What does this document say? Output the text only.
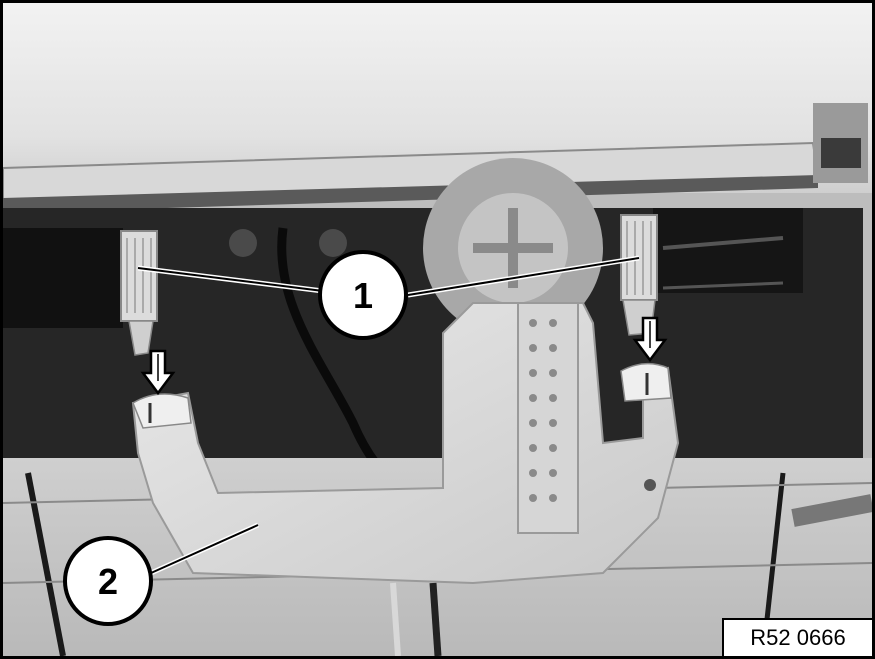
1
2
R52 0666
